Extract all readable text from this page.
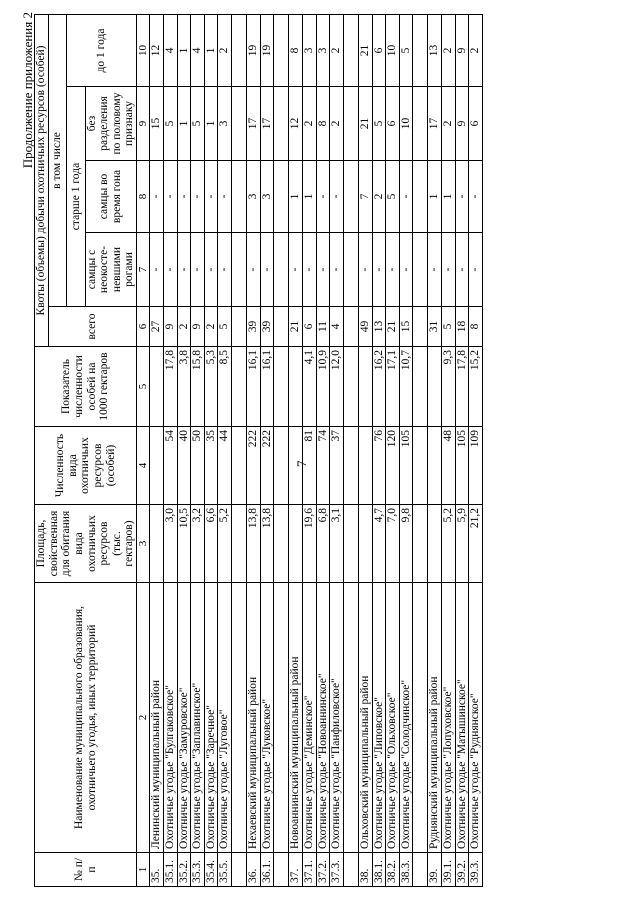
7
Продолжение приложения 2
№ п/п	Наименование муниципального образования, охотничьего угодья, иных территорий	Площадь, свойственная для обитания вида охотничьих ресурсов (тыс. гектаров)	Численность вида охотничьих ресурсов (особей)	Показатель численности особей на 1000 гектаров	Квоты (объемы) добычи охотничьих ресурсов (особей)				
					всего	в том числе			
						старше 1 года			до 1 года
						самцы с неокосте-невшими рогами	самцы во время гона	без разделения по половому признаку	
1	2	3	4	5	6	7	8	9	10
35.	Ленинский муниципальный район				27	-	-	15	12
35.1.	Охотничье угодье "Булгаковское"	3,0	54	17,8	9	-	-	5	4
35.2.	Охотничье угодье "Замуровское"	10,5	40	3,8	2	-	-	1	1
35.3.	Охотничье угодье "Заплавинское"	3,2	50	15,8	9	-	-	5	4
35.4.	Охотничье угодье "Заречное"	6,6	35	5,3	2	-	-	1	1
35.5.	Охотничье угодье "Луговое"	5,2	44	8,5	5	-	-	3	2

36.	Нехаевский муниципальный район	13,8	222	16,1	39	-	3	17	19
36.1.	Охотничье угодье "Луковское"	13,8	222	16,1	39	-	3	17	19

37.	Новоаннинский муниципальный район				21	-	1	12	8
37.1.	Охотничье угодье "Деминское"	19,6	81	4,1	6	-	1	2	3
37.2.	Охотничье угодье "Новоаннинское"	6,8	74	10,9	11	-	-	8	3
37.3.	Охотничье угодье "Панфиловское"	3,1	37	12,0	4	-	-	2	2

38.	Ольховский муниципальный район				49	-	7	21	21
38.1.	Охотничье угодье "Липовское"	4,7	76	16,2	13	-	2	5	6
38.2.	Охотничье угодье "Ольховское"	7,0	120	17,1	21	-	5	6	10
38.3.	Охотничье угодье "Солодчинское"	9,8	105	10,7	15	-	-	10	5

39.	Руднянский муниципальный район				31	-	1	17	13
39.1.	Охотничье угодье "Лопуховское"	5,2	48	9,3	5	-	1	2	2
39.2.	Охотничье угодье "Матышинское"	5,9	105	17,8	18	-	-	9	9
39.3.	Охотничье угодье "Руднянское"	21,2	109	15,2	8	-	-	6	2
